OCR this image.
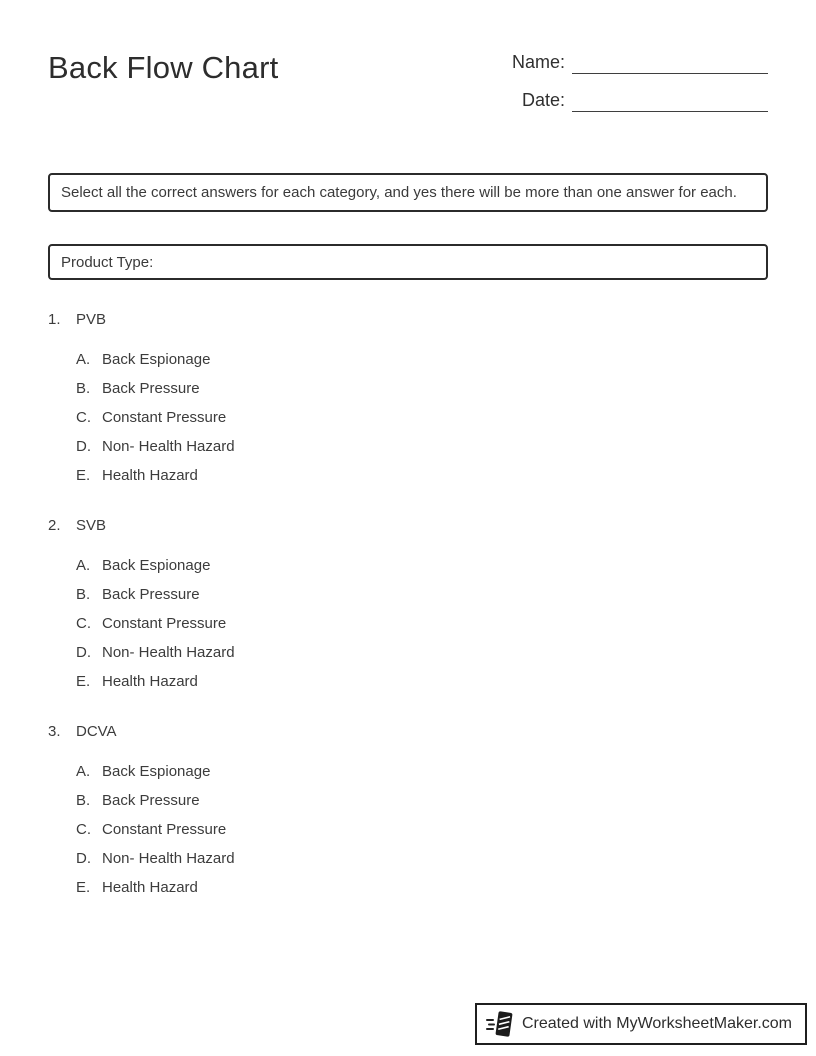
Back Flow Chart	Name:
Date:
Select all the correct answers for each category, and yes there will be more than one answer for each.
Product Type:
1.	PVB
A. Back Espionage
B. Back Pressure
C. Constant Pressure
D. Non- Health Hazard
E. Health Hazard
2.	SVB
A. Back Espionage
B. Back Pressure
C. Constant Pressure
D. Non- Health Hazard
E. Health Hazard
3.	DCVA
A. Back Espionage
B. Back Pressure
C. Constant Pressure
D. Non- Health Hazard
E. Health Hazard
Created with MyWorksheetMaker.com
